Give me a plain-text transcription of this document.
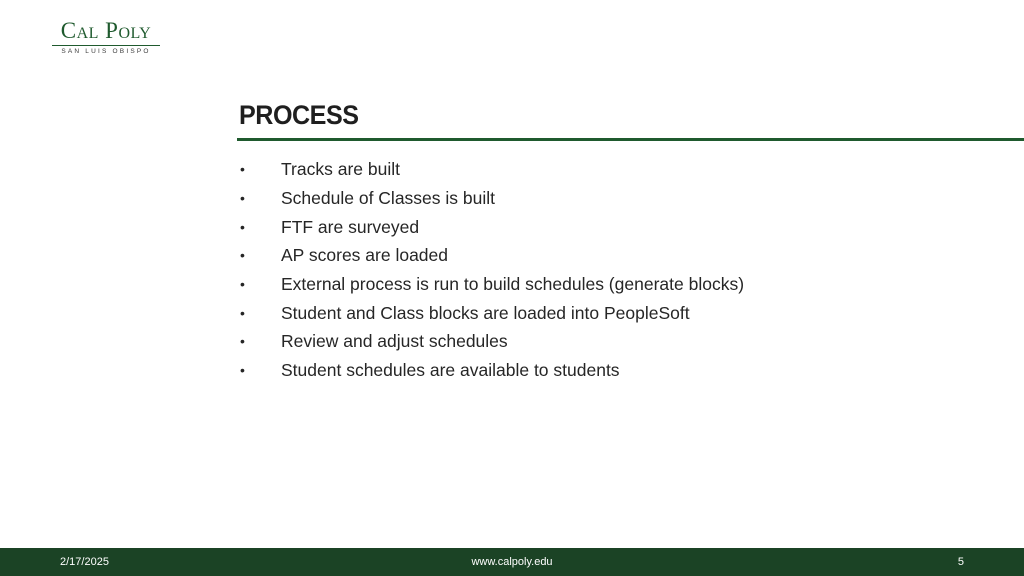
Cal Poly
SAN LUIS OBISPO
PROCESS
•	Tracks are built
•	Schedule of Classes is built
•	FTF are surveyed
•	AP scores are loaded
•	External process is run to build schedules (generate blocks)
•	Student and Class blocks are loaded into PeopleSoft
•	Review and adjust schedules
•	Student schedules are available to students
2/17/2025	www.calpoly.edu	5
